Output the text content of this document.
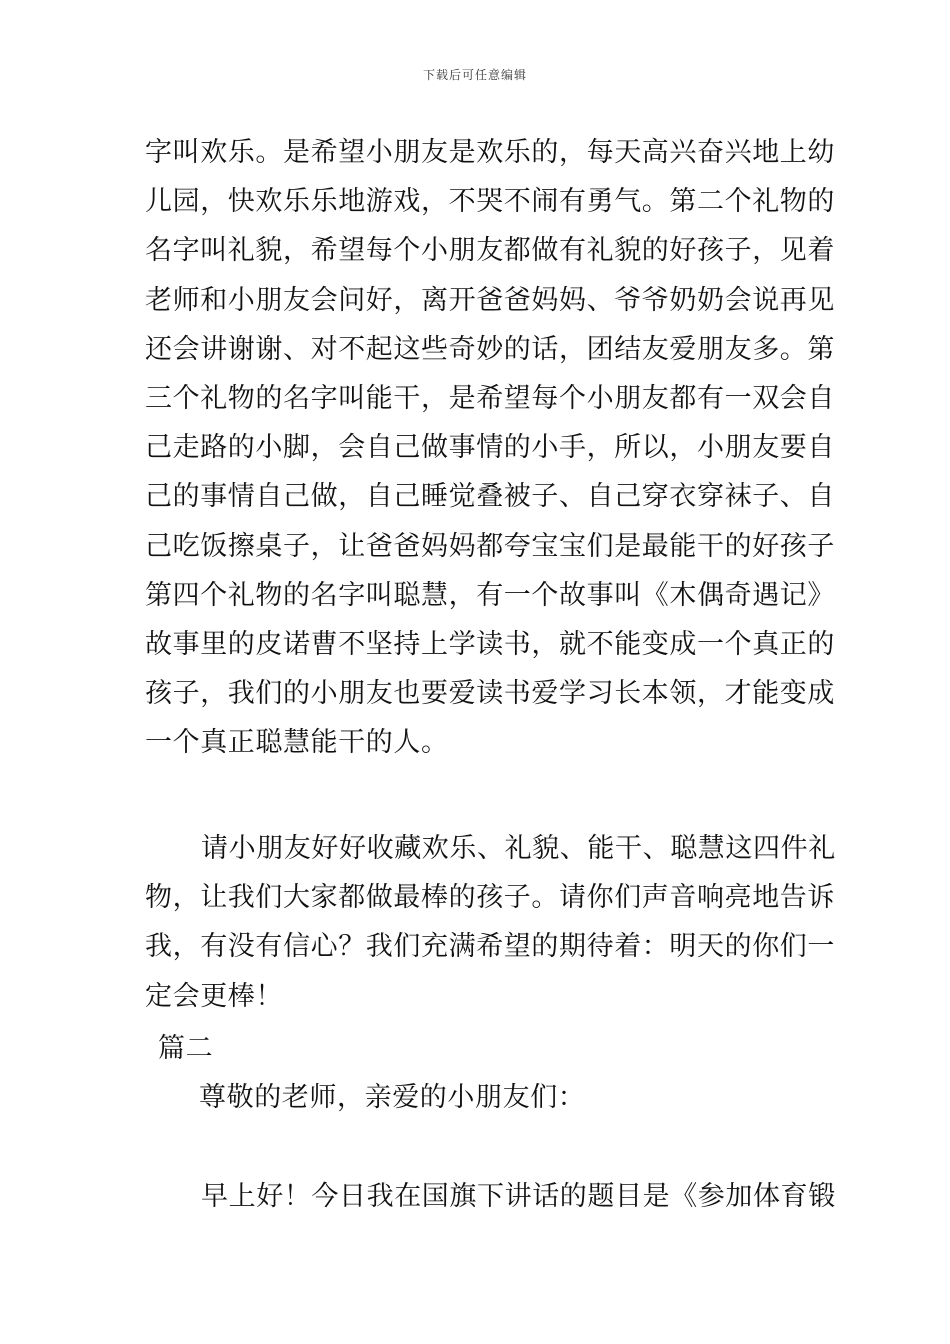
下载后可任意编辑
字叫欢乐。是希望小朋友是欢乐的，每天高兴奋兴地上幼
儿园，快欢乐乐地游戏，不哭不闹有勇气。第二个礼物的
名字叫礼貌，希望每个小朋友都做有礼貌的好孩子，见着
老师和小朋友会问好，离开爸爸妈妈、爷爷奶奶会说再见
还会讲谢谢、对不起这些奇妙的话，团结友爱朋友多。第
三个礼物的名字叫能干，是希望每个小朋友都有一双会自
己走路的小脚，会自己做事情的小手，所以，小朋友要自
己的事情自己做，自己睡觉叠被子、自己穿衣穿袜子、自
己吃饭擦桌子，让爸爸妈妈都夸宝宝们是最能干的好孩子
第四个礼物的名字叫聪慧，有一个故事叫《木偶奇遇记》
故事里的皮诺曹不坚持上学读书，就不能变成一个真正的
孩子，我们的小朋友也要爱读书爱学习长本领，才能变成
一个真正聪慧能干的人。
请小朋友好好收藏欢乐、礼貌、能干、聪慧这四件礼
物，让我们大家都做最棒的孩子。请你们声音响亮地告诉
我，有没有信心？我们充满希望的期待着：明天的你们一
定会更棒！
篇二
尊敬的老师，亲爱的小朋友们：
早上好！今日我在国旗下讲话的题目是《参加体育锻
